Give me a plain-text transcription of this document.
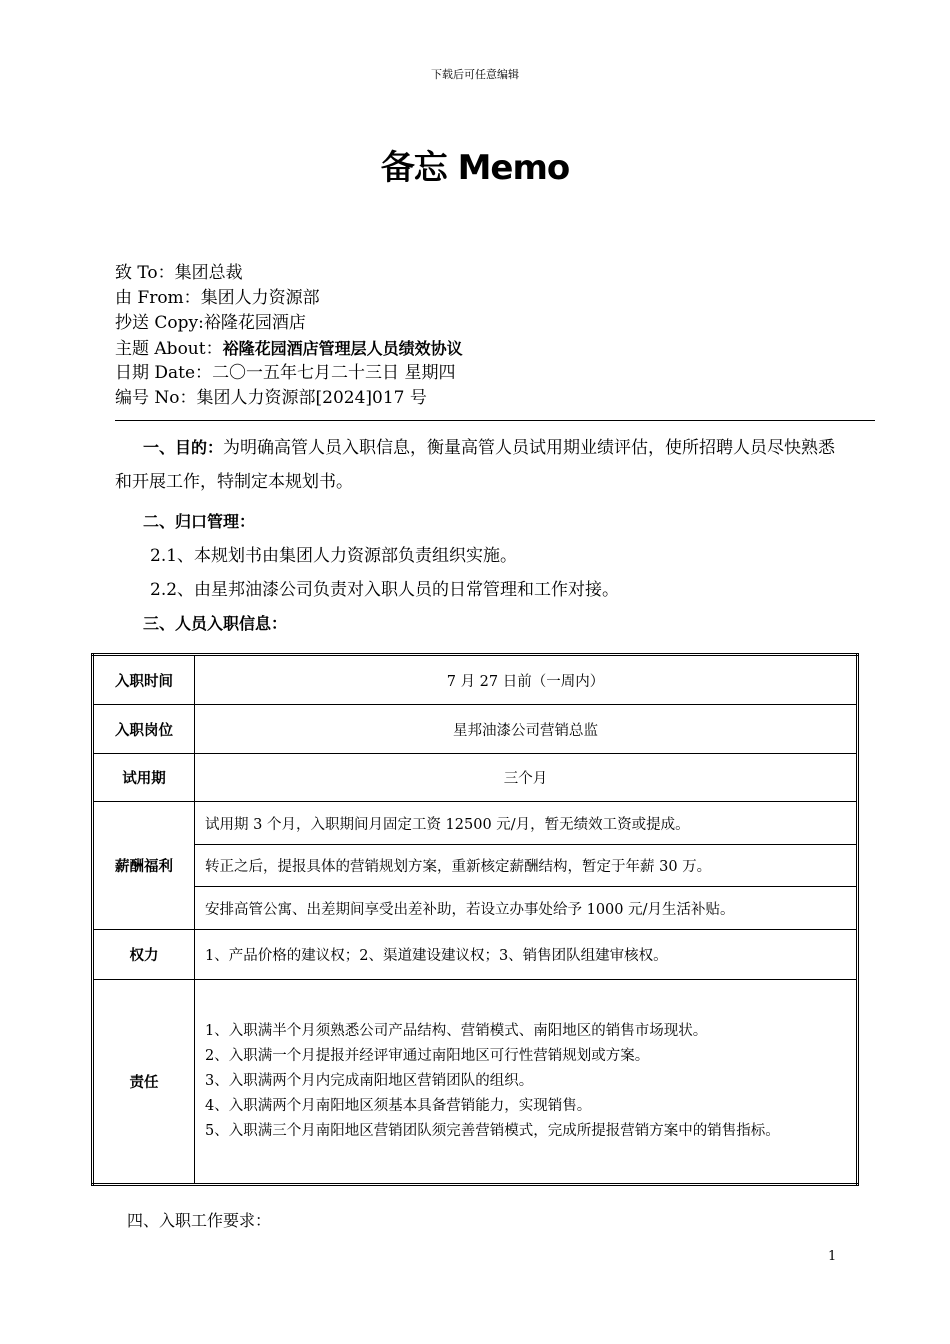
下载后可任意编辑
备忘 Memo
致 To：集团总裁
由 From：集团人力资源部
抄送 Copy:裕隆花园酒店
主题 About：裕隆花园酒店管理层人员绩效协议
日期 Date：二〇一五年七月二十三日 星期四
编号 No：集团人力资源部[2024]017 号
一、目的：为明确高管人员入职信息，衡量高管人员试用期业绩评估，使所招聘人员尽快熟悉和开展工作，特制定本规划书。
二、归口管理：
2.1、本规划书由集团人力资源部负责组织实施。
2.2、由星邦油漆公司负责对入职人员的日常管理和工作对接。
三、人员入职信息：
入职时间	7 月 27 日前（一周内）
入职岗位	星邦油漆公司营销总监
试用期	三个月
薪酬福利	试用期 3 个月，入职期间月固定工资 12500 元/月，暂无绩效工资或提成。
	转正之后，提报具体的营销规划方案，重新核定薪酬结构，暂定于年薪 30 万。
	安排高管公寓、出差期间享受出差补助，若设立办事处给予 1000 元/月生活补贴。
权力	1、产品价格的建议权；2、渠道建设建议权；3、销售团队组建审核权。
责任	1、入职满半个月须熟悉公司产品结构、营销模式、南阳地区的销售市场现状。
2、入职满一个月提报并经评审通过南阳地区可行性营销规划或方案。
3、入职满两个月内完成南阳地区营销团队的组织。
4、入职满两个月南阳地区须基本具备营销能力，实现销售。
5、入职满三个月南阳地区营销团队须完善营销模式，完成所提报营销方案中的销售指标。
四、入职工作要求：
1
